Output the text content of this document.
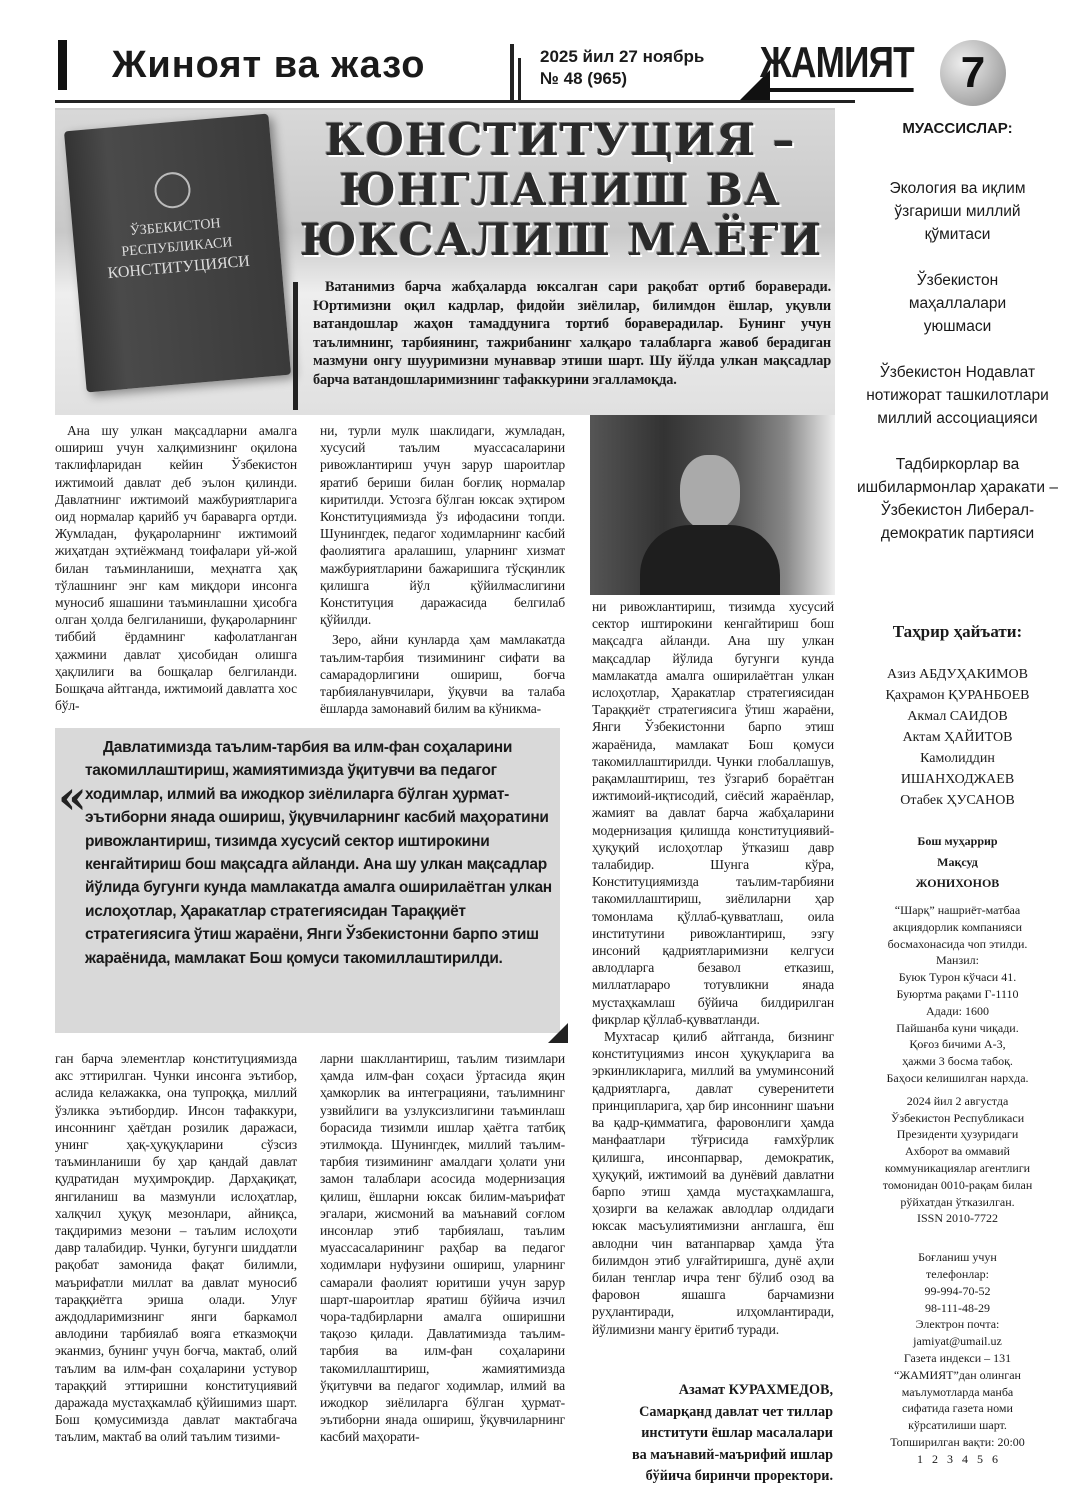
Жиноят ва жазо	2025 йил 27 ноябрь
№ 48 (965)	ЖАМИЯТ	7
ЎЗБЕКИСТОН
РЕСПУБЛИКАСИ
КОНСТИТУЦИЯСИ
КОНСТИТУЦИЯ –
ЮНГЛАНИШ ВА
ЮКСАЛИШ МАЁҒИ
Ватанимиз барча жабҳаларда юксалган сари рақобат ортиб бораверади. Юртимизни оқил кадрлар, фидойи зиёлилар, билимдон ёшлар, уқувли ватандошлар жаҳон тамаддунига тортиб бораверадилар. Бунинг учун таълимнинг, тарбиянинг, тажрибанинг халқаро талабларга жавоб берадиган мазмуни онгу шууримизни мунаввар этиши шарт. Шу йўлда улкан мақсадлар барча ватандошларимизнинг тафаккурини эгалламоқда.

Ана шу улкан мақсадларни амалга ошириш учун халқимизнинг оқилона таклифларидан кейин Ўзбекистон ижтимоий давлат деб эълон қилинди. Давлатнинг ижтимоий мажбуриятларига оид нормалар қарийб уч бараварга ортди. Жумладан, фуқароларнинг ижтимоий жиҳатдан эҳтиёжманд тоифалари уй-жой билан таъминланиши, меҳнатга ҳақ тўлашнинг энг кам миқдори инсонга муносиб яшашини таъминлашни ҳисобга олган ҳолда белгиланиши, фуқароларнинг тиббий ёрдамнинг кафолатланган ҳажмини давлат ҳисобидан олишга ҳақлилиги ва бошқалар белгиланди. Бошқача айтганда, ижтимоий давлатга хос бўл-

ни, турли мулк шаклидаги, жумладан, хусусий таълим муассасаларини ривожлантириш учун зарур шароитлар яратиб бериши билан боғлиқ нормалар киритилди. Устозга бўлган юксак эҳтиром Конституциямизда ўз ифодасини топди. Шунингдек, педагог ходимларнинг касбий фаолиятига аралашиш, уларнинг хизмат мажбуриятларини бажаришига тўсқинлик қилишга йўл қўйилмаслигини Конституция даражасида белгилаб қўйилди.

Зеро, айни кунларда ҳам мамлакатда таълим-тарбия тизимининг сифати ва самарадорлигини ошириш, боғча тарбияланувчилари, ўқувчи ва талаба ёшларда замонавий билим ва кўникма-

ни ривожлантириш, тизимда хусусий сектор иштирокини кенгайтириш бош мақсадга айланди. Ана шу улкан мақсадлар йўлида бугунги кунда мамлакатда амалга оширилаётган улкан ислоҳотлар, Ҳаракатлар стратегиясидан Тараққиёт стратегиясига ўтиш жараёни, Янги Ўзбекистонни барпо этиш жараёнида, мамлакат Бош қомуси такомиллаштирилди. Чунки глобаллашув, рақамлаштириш, тез ўзгариб бораётган ижтимоий-иқтисодий, сиёсий жараёнлар, жамият ва давлат барча жабҳаларини модернизация қилишда конституциявий-ҳуқуқий ислоҳотлар ўтказиш давр талабидир. Шунга кўра, Конституциямизда таълим-тарбияни такомиллаштириш, зиёлиларни ҳар томонлама қўллаб-қувватлаш, оила институтини ривожлантириш, эзгу инсоний қадриятларимизни келгуси авлодларга безавол етказиш, миллатлараро тотувликни янада мустаҳкамлаш бўйича билдирилган фикрлар қўллаб-қувватланди.

Мухтасар қилиб айтганда, бизнинг конституциямиз инсон ҳуқуқларига ва эркинликларига, миллий ва умуминсоний қадриятларга, давлат суверенитети принципларига, ҳар бир инсоннинг шаъни ва қадр-қимматига, фаровонлиги ҳамда манфаатлари тўғрисида ғамхўрлик қилишга, инсонпарвар, демократик, ҳуқуқий, ижтимоий ва дунёвий давлатни барпо этиш ҳамда мустаҳкамлашга, ҳозирги ва келажак авлодлар олдидаги юксак масъулиятимизни англашга, ёш авлодни чин ватанпарвар ҳамда ўта билимдон этиб улғайтиришга, дунё аҳли билан тенглар ичра тенг бўлиб озод ва фаровон яшашга барчамизни руҳлантиради, илҳомлантиради, йўлимизни мангу ёритиб туради.

Азамат КУРАХМЕДОВ,
Самарқанд давлат чет тиллар
институти ёшлар масалалари
ва маънавий-маърифий ишлар
бўйича биринчи проректори.
«
Давлатимизда таълим-тарбия ва илм-фан соҳаларини такомиллаштириш, жамиятимизда ўқитувчи ва педагог ходимлар, илмий ва ижодкор зиёлиларга бўлган ҳурмат-эътиборни янада ошириш, ўқувчиларнинг касбий маҳоратини ривожлантириш, тизимда хусусий сектор иштирокини кенгайтириш бош мақсадга айланди. Ана шу улкан мақсадлар йўлида бугунги кунда мамлакатда амалга оширилаётган улкан ислоҳотлар, Ҳаракатлар стратегиясидан Тараққиёт стратегиясига ўтиш жараёни, Янги Ўзбекистонни барпо этиш жараёнида, мамлакат Бош қомуси такомиллаштирилди.

ган барча элементлар конституциямизда акс эттирилган. Чунки инсонга эътибор, аслида келажакка, она тупроққа, миллий ўзликка эътибордир. Инсон тафаккури, инсоннинг ҳаётдан розилик даражаси, унинг ҳақ-ҳуқуқларини сўзсиз таъминланиши бу ҳар қандай давлат қудратидан муҳимроқдир. Дарҳақиқат, янгиланиш ва мазмунли ислоҳатлар, халқчил ҳуқуқ мезонлари, айниқса, тақдиримиз мезони – таълим ислоҳоти давр талабидир. Чунки, бугунги шиддатли рақобат замонида фақат билимли, маърифатли миллат ва давлат муносиб тараққиётга эриша олади. Улуғ аждодларимизнинг янги баркамол авлодини тарбиялаб вояга етказмоқчи эканмиз, бунинг учун боғча, мактаб, олий таълим ва илм-фан соҳаларини устувор тараққий эттиришни конституциявий даражада мустаҳкамлаб қўйишимиз шарт. Бош қомусимизда давлат мактабгача таълим, мактаб ва олий таълим тизими-

ларни шакллантириш, таълим тизимлари ҳамда илм-фан соҳаси ўртасида яқин ҳамкорлик ва интеграцияни, таълимнинг узвийлиги ва узлуксизлигини таъминлаш борасида тизимли ишлар ҳаётга татбиқ этилмоқда. Шунингдек, миллий таълим-тарбия тизимининг амалдаги ҳолати уни замон талаблари асосида модернизация қилиш, ёшларни юксак билим-маърифат эгалари, жисмоний ва маънавий соғлом инсонлар этиб тарбиялаш, таълим муассасаларининг раҳбар ва педагог ходимлари нуфузини ошириш, уларнинг самарали фаолият юритиши учун зарур шарт-шароитлар яратиш бўйича изчил чора-тадбирларни амалга оширишни тақозо қилади. Давлатимизда таълим-тарбия ва илм-фан соҳаларини такомиллаштириш, жамиятимизда ўқитувчи ва педагог ходимлар, илмий ва ижодкор зиёлиларга бўлган ҳурмат-эътиборни янада ошириш, ўқувчиларнинг касбий маҳорати-

МУАССИСЛАР:
Экология ва иқлим ўзгариши миллий қўмитаси
Ўзбекистон маҳаллалари уюшмаси
Ўзбекистон Нодавлат нотижорат ташкилотлари миллий ассоциацияси
Тадбиркорлар ва ишбилармонлар ҳаракати – Ўзбекистон Либерал-демократик партияси
Таҳрир ҳайъати:
Азиз АБДУҲАКИМОВ
Қаҳрамон ҚУРАНБОЕВ
Акмал САИДОВ
Актам ҲАЙИТОВ
Камолиддин
ИШАНХОДЖАЕВ
Отабек ҲУСАНОВ
Бош муҳаррир
Мақсуд
ЖОНИХОНОВ
“Шарқ” нашриёт-матбаа
акциядорлик компанияси
босмахонасида чоп этилди.
Манзил:
Буюк Турон кўчаси 41.
Буюртма рақами Г-1110
Адади: 1600
Пайшанба куни чиқади.
Қоғоз бичими А-3,
ҳажми 3 босма табоқ.
Баҳоси келишилган нархда.
2024 йил 2 августда
Ўзбекистон Республикаси
Президенти ҳузуридаги
Ахборот ва оммавий
коммуникациялар агентлиги
томонидан 0010-рақам билан
рўйхатдан ўтказилган.
ISSN 2010-7722
Боғланиш учун
телефонлар:
99-994-70-52
98-111-48-29
Электрон почта:
jamiyat@umail.uz
Газета индекси – 131
“ЖАМИЯТ”дан олинган
маълумотларда манба
сифатида газета номи
кўрсатилиши шарт.
Топширилган вақти: 20:00
1   2   3   4   5   6
